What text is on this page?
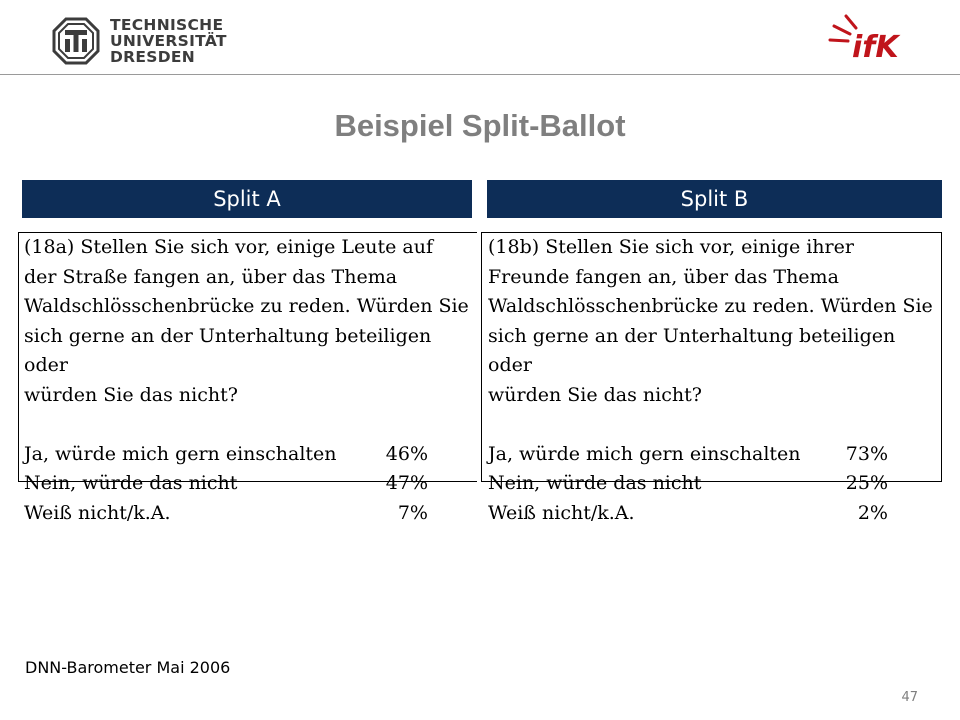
TECHNISCHE
UNIVERSITÄT
DRESDEN	ifK
Beispiel Split-Ballot
Split A	Split B
(18a) Stellen Sie sich vor, einige Leute auf
der Straße fangen an, über das Thema
Waldschlösschenbrücke zu reden. Würden Sie
sich gerne an der Unterhaltung beteiligen oder
würden Sie das nicht?
Ja, würde mich gern einschalten	46%
Nein, würde das nicht	47%
Weiß nicht/k.A.	7%
(18b) Stellen Sie sich vor, einige ihrer
Freunde fangen an, über das Thema
Waldschlösschenbrücke zu reden. Würden Sie
sich gerne an der Unterhaltung beteiligen oder
würden Sie das nicht?
Ja, würde mich gern einschalten	73%
Nein, würde das nicht	25%
Weiß nicht/k.A.	2%
DNN-Barometer Mai 2006
47
